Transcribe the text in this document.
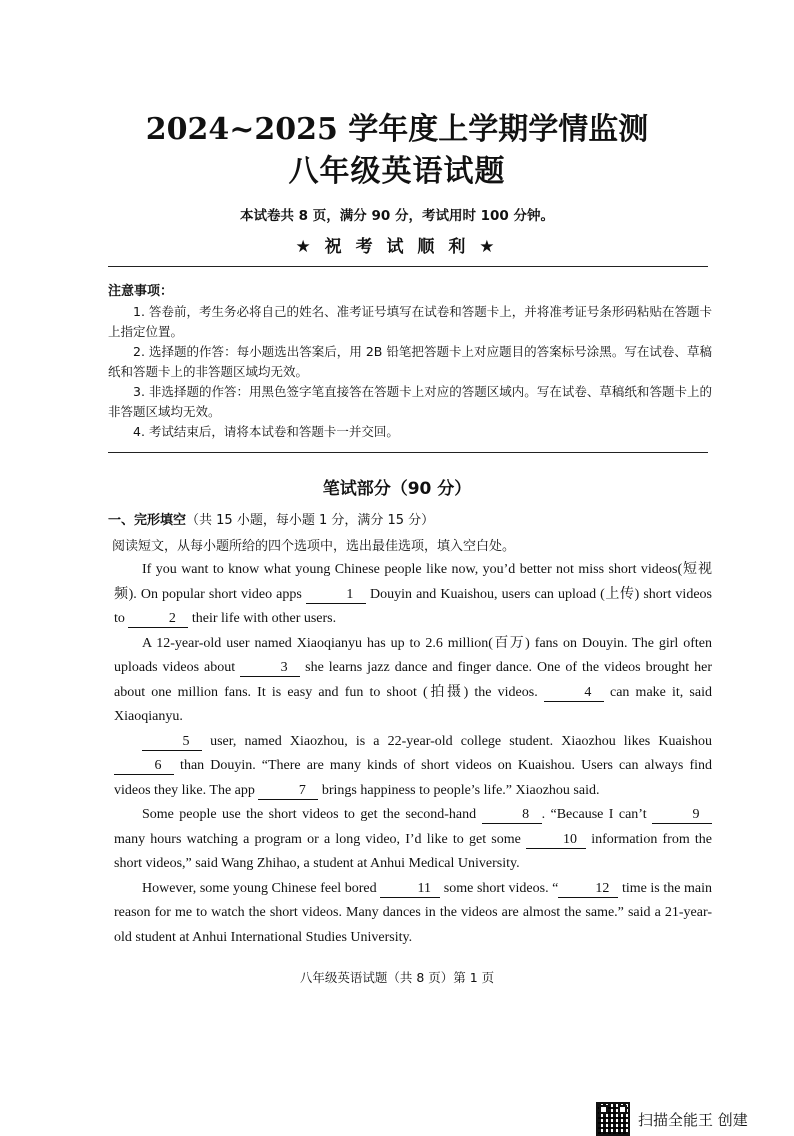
2024~2025 学年度上学期学情监测
八年级英语试题
本试卷共 8 页，满分 90 分，考试用时 100 分钟。
★ 祝 考 试 顺 利 ★
注意事项：

1. 答卷前，考生务必将自己的姓名、准考证号填写在试卷和答题卡上，并将准考证号条形码粘贴在答题卡上指定位置。

2. 选择题的作答：每小题选出答案后，用 2B 铅笔把答题卡上对应题目的答案标号涂黑。写在试卷、草稿纸和答题卡上的非答题区域均无效。

3. 非选择题的作答：用黑色签字笔直接答在答题卡上对应的答题区域内。写在试卷、草稿纸和答题卡上的非答题区域均无效。

4. 考试结束后，请将本试卷和答题卡一并交回。

笔试部分（90 分）
一、完形填空（共 15 小题，每小题 1 分，满分 15 分）
阅读短文，从每小题所给的四个选项中，选出最佳选项，填入空白处。

If you want to know what young Chinese people like now, you’d better not miss short videos(短视频). On popular short video apps	1 Douyin and Kuaishou, users can upload (上传) short videos to	2 their life with other users.

A 12-year-old user named Xiaoqianyu has up to 2.6 million(百万) fans on Douyin. The girl often uploads videos about	3 she learns jazz dance and finger dance. One of the videos brought her about one million fans. It is easy and fun to shoot (拍摄) the videos.	4 can make it, said Xiaoqianyu.

5 user, named Xiaozhou, is a 22-year-old college student. Xiaozhou likes Kuaishou 6 than Douyin. “There are many kinds of short videos on Kuaishou. Users can always find videos they like. The app	7 brings happiness to people’s life.” Xiaozhou said.

Some people use the short videos to get the second-hand	8 . “Because I can’t	9 many hours watching a program or a long video, I’d like to get some	10 information from the short videos,” said Wang Zhihao, a student at Anhui Medical University.

However, some young Chinese feel bored	11 some short videos. “	12 time is the main reason for me to watch the short videos. Many dances in the videos are almost the same.” said a 21-year-old student at Anhui International Studies University.

八年级英语试题（共 8 页）第 1 页
扫描全能王 创建
